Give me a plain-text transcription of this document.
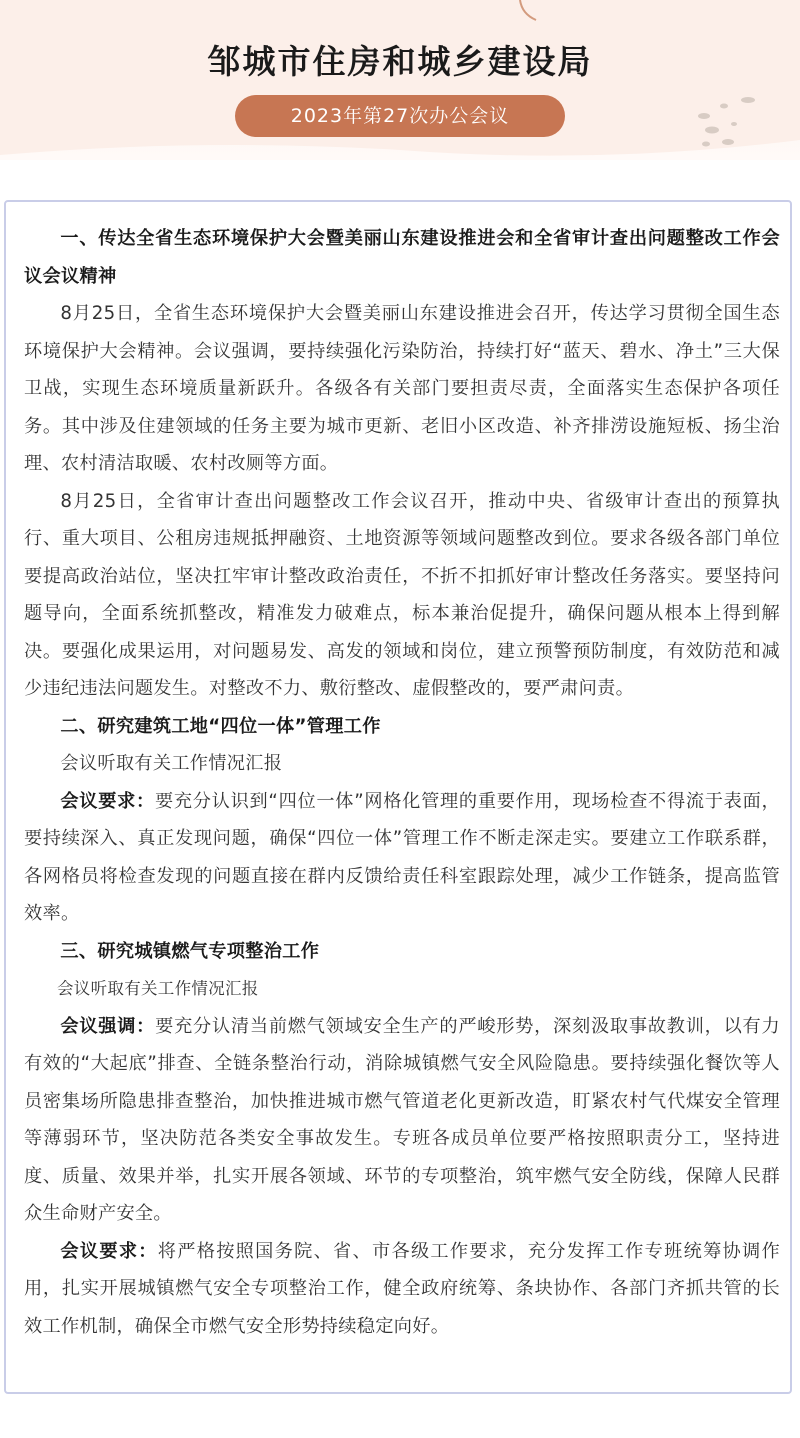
邹城市住房和城乡建设局
2023年第27次办公会议

一、传达全省生态环境保护大会暨美丽山东建设推进会和全省审计查出问题整改工作会议会议精神

8月25日，全省生态环境保护大会暨美丽山东建设推进会召开，传达学习贯彻全国生态环境保护大会精神。会议强调，要持续强化污染防治，持续打好“蓝天、碧水、净土”三大保卫战，实现生态环境质量新跃升。各级各有关部门要担责尽责，全面落实生态保护各项任务。其中涉及住建领域的任务主要为城市更新、老旧小区改造、补齐排涝设施短板、扬尘治理、农村清洁取暖、农村改厕等方面。

8月25日，全省审计查出问题整改工作会议召开，推动中央、省级审计查出的预算执行、重大项目、公租房违规抵押融资、土地资源等领域问题整改到位。要求各级各部门单位要提高政治站位，坚决扛牢审计整改政治责任，不折不扣抓好审计整改任务落实。要坚持问题导向，全面系统抓整改，精准发力破难点，标本兼治促提升，确保问题从根本上得到解决。要强化成果运用，对问题易发、高发的领域和岗位，建立预警预防制度，有效防范和减少违纪违法问题发生。对整改不力、敷衍整改、虚假整改的，要严肃问责。

二、研究建筑工地“四位一体”管理工作

会议听取有关工作情况汇报

会议要求：要充分认识到“四位一体”网格化管理的重要作用，现场检查不得流于表面，要持续深入、真正发现问题，确保“四位一体”管理工作不断走深走实。要建立工作联系群，各网格员将检查发现的问题直接在群内反馈给责任科室跟踪处理，减少工作链条，提高监管效率。

三、研究城镇燃气专项整治工作

会议听取有关工作情况汇报

会议强调：要充分认清当前燃气领域安全生产的严峻形势，深刻汲取事故教训，以有力有效的“大起底”排查、全链条整治行动，消除城镇燃气安全风险隐患。要持续强化餐饮等人员密集场所隐患排查整治，加快推进城市燃气管道老化更新改造，盯紧农村气代煤安全管理等薄弱环节，坚决防范各类安全事故发生。专班各成员单位要严格按照职责分工，坚持进度、质量、效果并举，扎实开展各领域、环节的专项整治，筑牢燃气安全防线，保障人民群众生命财产安全。

会议要求：将严格按照国务院、省、市各级工作要求，充分发挥工作专班统筹协调作用，扎实开展城镇燃气安全专项整治工作，健全政府统筹、条块协作、各部门齐抓共管的长效工作机制，确保全市燃气安全形势持续稳定向好。
